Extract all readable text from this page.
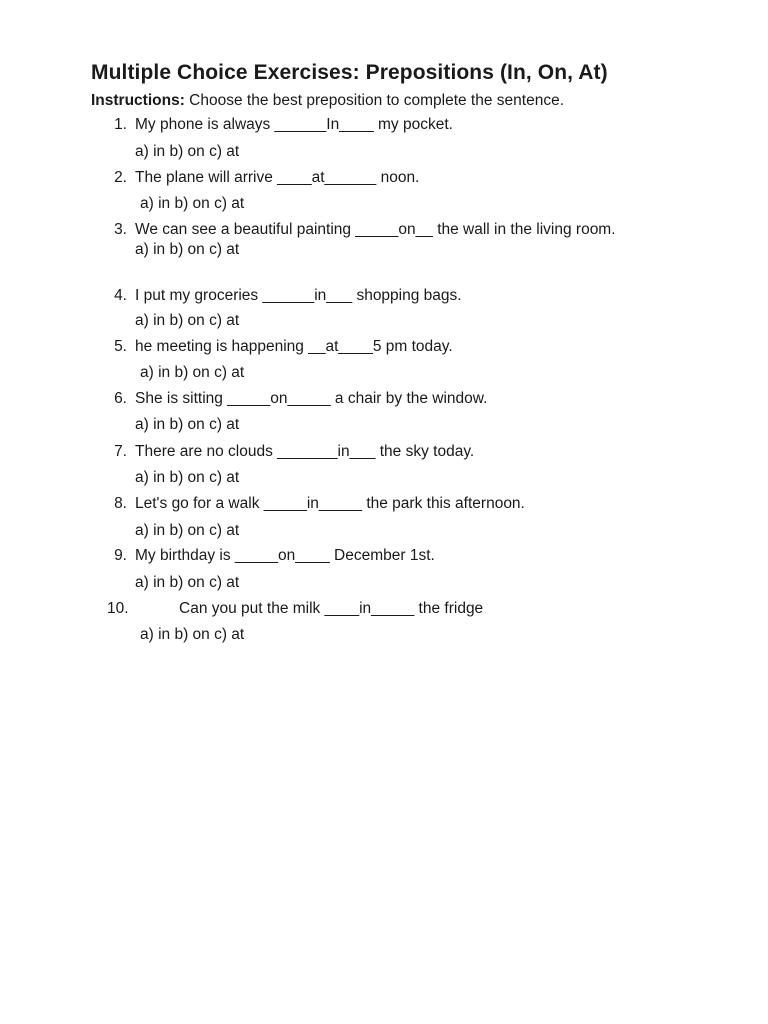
Multiple Choice Exercises: Prepositions (In, On, At)
Instructions: Choose the best preposition to complete the sentence.
1. My phone is always ______In____ my pocket.
a) in b) on c) at
2. The plane will arrive ____at______ noon.
a) in b) on c) at
3. We can see a beautiful painting _____on__ the wall in the living room.
a) in b) on c) at
4. I put my groceries ______in___ shopping bags.
a) in b) on c) at
5. he meeting is happening __at____5 pm today.
a) in b) on c) at
6. She is sitting _____on_____ a chair by the window.
a) in b) on c) at
7. There are no clouds _______in___ the sky today.
a) in b) on c) at
8. Let's go for a walk _____in_____ the park this afternoon.
a) in b) on c) at
9. My birthday is _____on____ December 1st.
a) in b) on c) at
10.	Can you put the milk ____in_____ the fridge
a) in b) on c) at
